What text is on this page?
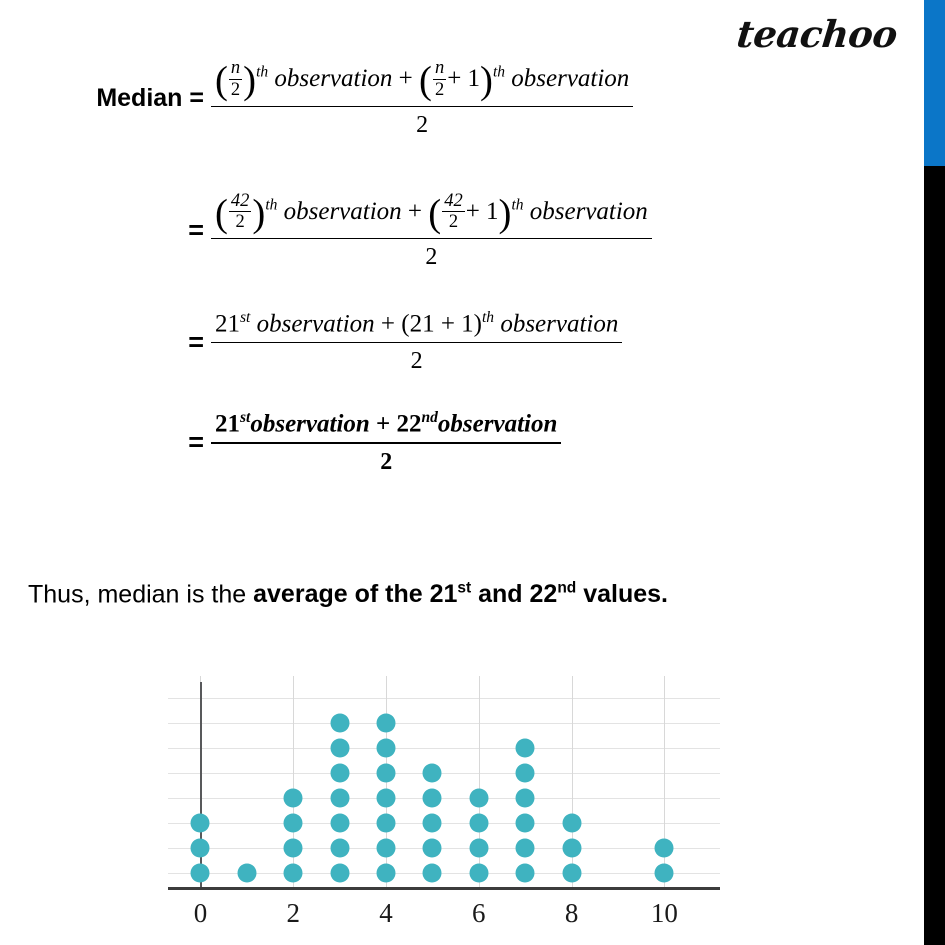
teachoo
Median = $\frac{( \frac{n}{2} )^{th} observation + ( \frac{n}{2} + 1)^{th} observation}{2}$
= $\frac{( \frac{42}{2} )^{th} observation + ( \frac{42}{2} + 1)^{th} observation}{2}$
= $\frac{21^{st} observation + (21 + 1)^{th} observation}{2}$
= $\frac{21^{st}observation + 22^{nd}observation}{2}$
Thus, median is the average of the 21st and 22nd values.
0	2	4	6	8	10
